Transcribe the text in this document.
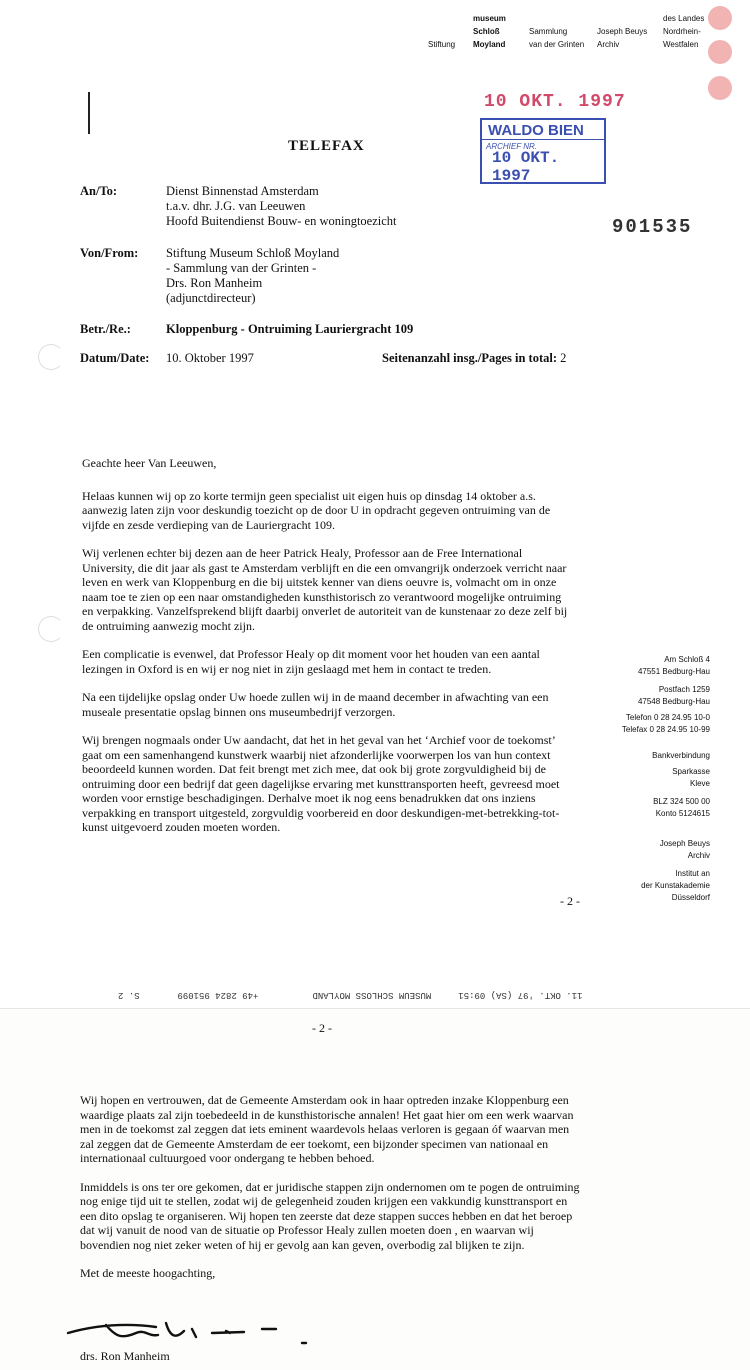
Stiftung
museum
Schloß
Moyland
Sammlung
van der Grinten
Joseph Beuys
Archiv
des Landes
Nordrhein-
Westfalen
10 OKT. 1997
WALDO BIEN
ARCHIEF NR.
10 OKT. 1997
901535
TELEFAX
An/To:	Dienst Binnenstad Amsterdam
t.a.v. dhr. J.G. van Leeuwen
Hoofd Buitendienst Bouw- en woningtoezicht
Von/From: Stiftung Museum Schloß Moyland
- Sammlung van der Grinten -
Drs. Ron Manheim
(adjunctdirecteur)
Betr./Re.:	Kloppenburg - Ontruiming Lauriergracht 109
Datum/Date: 10. Oktober 1997	Seitenanzahl insg./Pages in total: 2

Geachte heer Van Leeuwen,

Helaas kunnen wij op zo korte termijn geen specialist uit eigen huis op dinsdag 14 oktober a.s. aanwezig laten zijn voor deskundig toezicht op de door U in opdracht gegeven ontruiming van de vijfde en zesde verdieping van de Lauriergracht 109.

Wij verlenen echter bij dezen aan de heer Patrick Healy, Professor aan de Free International University, die dit jaar als gast te Amsterdam verblijft en die een omvangrijk onderzoek verricht naar leven en werk van Kloppenburg en die bij uitstek kenner van diens oeuvre is, volmacht om in onze naam toe te zien op een naar omstandigheden kunsthistorisch zo verantwoord mogelijke ontruiming en verpakking. Vanzelfsprekend blijft daarbij onverlet de autoriteit van de kunstenaar zo deze zelf bij de ontruiming aanwezig mocht zijn.

Een complicatie is evenwel, dat Professor Healy op dit moment voor het houden van een aantal lezingen in Oxford is en wij er nog niet in zijn geslaagd met hem in contact te treden.

Na een tijdelijke opslag onder Uw hoede zullen wij in de maand december in afwachting van een museale presentatie opslag binnen ons museumbedrijf verzorgen.

Wij brengen nogmaals onder Uw aandacht, dat het in het geval van het ‘Archief voor de toekomst’ gaat om een samenhangend kunstwerk waarbij niet afzonderlijke voorwerpen los van hun context beoordeeld kunnen worden. Dat feit brengt met zich mee, dat ook bij grote zorgvuldigheid bij de ontruiming door een bedrijf dat geen dagelijkse ervaring met kunsttransporten heeft, gevreesd moet worden voor ernstige beschadigingen. Derhalve moet ik nog eens benadrukken dat ons inziens verpakking en transport uitgesteld, zorgvuldig voorbereid en door deskundigen-met-betrekking-tot-kunst uitgevoerd zouden moeten worden.

- 2 -
Am Schloß 4
47551 Bedburg-Hau
Postfach 1259
47548 Bedburg-Hau
Telefon 0 28 24.95 10-0
Telefax 0 28 24.95 10-99
Bankverbindung
Sparkasse
Kleve
BLZ 324 500 00
Konto 5124615
Joseph Beuys
Archiv
Institut an
der Kunstakademie
Düsseldorf
11. OKT. '97 (SA) 09:51     MUSEUM SCHLOSS MOYLAND          +49 2824 951099       S. 2
- 2 -

Wij hopen en vertrouwen, dat de Gemeente Amsterdam ook in haar optreden inzake Kloppenburg een waardige plaats zal zijn toebedeeld in de kunsthistorische annalen! Het gaat hier om een werk waarvan men in de toekomst zal zeggen dat iets eminent waardevols helaas verloren is gegaan óf waarvan men zal zeggen dat de Gemeente Amsterdam de eer toekomt, een bijzonder specimen van nationaal en internationaal cultuurgoed voor ondergang te hebben behoed.

Inmiddels is ons ter ore gekomen, dat er juridische stappen zijn ondernomen om te pogen de ontruiming nog enige tijd uit te stellen, zodat wij de gelegenheid zouden krijgen een vakkundig kunsttransport en een dito opslag te organiseren. Wij hopen ten zeerste dat deze stappen succes hebben en dat het beroep dat wij vanuit de nood van de situatie op Professor Healy zullen moeten doen , en waarvan wij bovendien nog niet zeker weten of hij er gevolg aan kan geven, overbodig zal blijken te zijn.

Met de meeste hoogachting,

drs. Ron Manheim
